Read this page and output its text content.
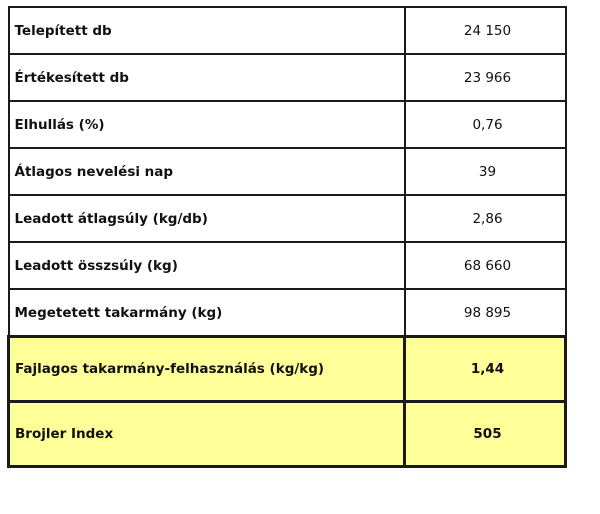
Telepített db	24 150
Értékesített db	23 966
Elhullás (%)	0,76
Átlagos nevelési nap	39
Leadott átlagsúly (kg/db)	2,86
Leadott összsúly (kg)	68 660
Megetetett takarmány (kg)	98 895
Fajlagos takarmány-felhasználás (kg/kg)	1,44
Brojler Index	505
